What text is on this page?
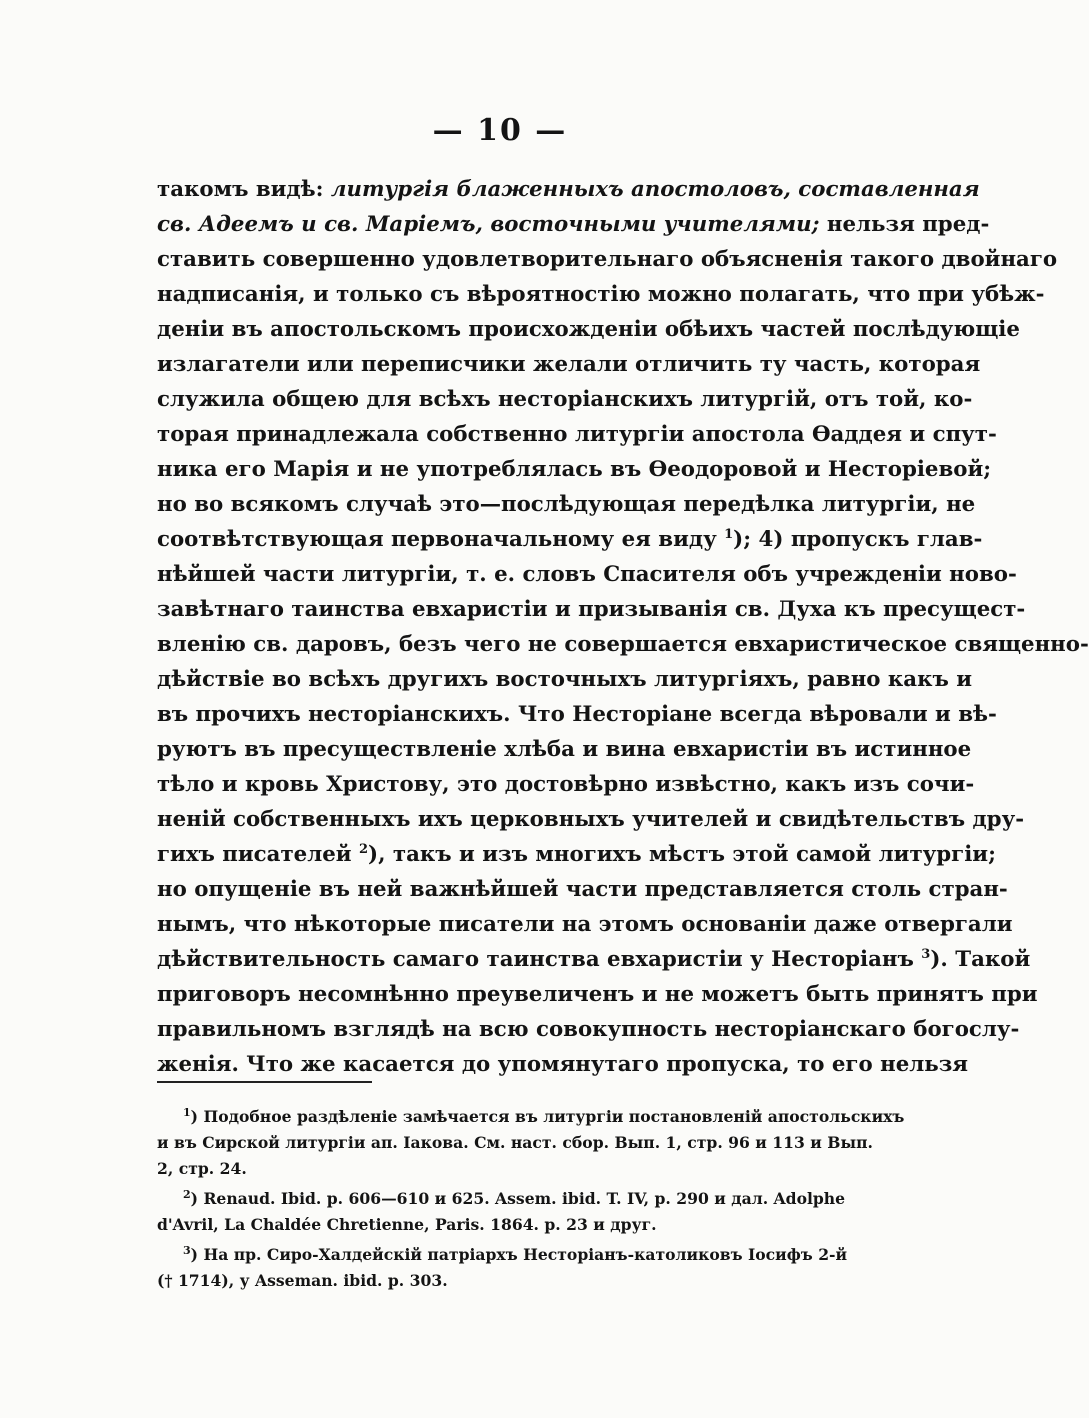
— 10 —
такомъ видѣ: литургія блаженныхъ апостоловъ, составленная
св. Адеемъ и св. Маріемъ, восточными учителями; нельзя пред-
ставить совершенно удовлетворительнаго объясненія такого двойнаго
надписанія, и только съ вѣроятностію можно полагать, что при убѣж-
деніи въ апостольскомъ происхожденіи обѣихъ частей послѣдующіе
излагатели или переписчики желали отличить ту часть, которая
служила общею для всѣхъ несторіанскихъ литургій, отъ той, ко-
торая принадлежала собственно литургіи апостола Ѳаддея и спут-
ника его Марія и не употреблялась въ Ѳеодоровой и Несторіевой;
но во всякомъ случаѣ это—послѣдующая передѣлка литургіи, не
соотвѣтствующая первоначальному ея виду $^1$); 4) пропускъ глав-
нѣйшей части литургіи, т. е. словъ Спасителя объ учрежденіи ново-
завѣтнаго таинства евхаристіи и призыванія св. Духа къ пресущест-
вленію св. даровъ, безъ чего не совершается евхаристическое священно-
дѣйствіе во всѣхъ другихъ восточныхъ литургіяхъ, равно какъ и
въ прочихъ несторіанскихъ. Что Несторіане всегда вѣровали и вѣ-
руютъ въ пресуществленіе хлѣба и вина евхаристіи въ истинное
тѣло и кровь Христову, это достовѣрно извѣстно, какъ изъ сочи-
неній собственныхъ ихъ церковныхъ учителей и свидѣтельствъ дру-
гихъ писателей $^2$), такъ и изъ многихъ мѣстъ этой самой литургіи;
но опущеніе въ ней важнѣйшей части представляется столь стран-
нымъ, что нѣкоторые писатели на этомъ основаніи даже отвергали
дѣйствительность самаго таинства евхаристіи у Несторіанъ $^3$). Такой
приговоръ несомнѣнно преувеличенъ и не можетъ быть принятъ при
правильномъ взглядѣ на всю совокупность несторіанскаго богослу-
женія. Что же касается до упомянутаго пропуска, то его нельзя
$^1$) Подобное раздѣленіе замѣчается въ литургіи постановленій апостольскихъ
и въ Сирской литургіи ап. Іакова. См. наст. сбор. Вып. 1, стр. 96 и 113 и Вып.
2, стр. 24.
$^2$) Renaud. Ibid. p. 606—610 и 625. Assem. ibid. T. IV, p. 290 и дал. Adolphe
d'Avril, La Chaldée Chretienne, Paris. 1864. p. 23 и друг.
$^3$) На пр. Сиро-Халдейскій патріархъ Несторіанъ-католиковъ Іосифъ 2-й
(† 1714), у Asseman. ibid. p. 303.
